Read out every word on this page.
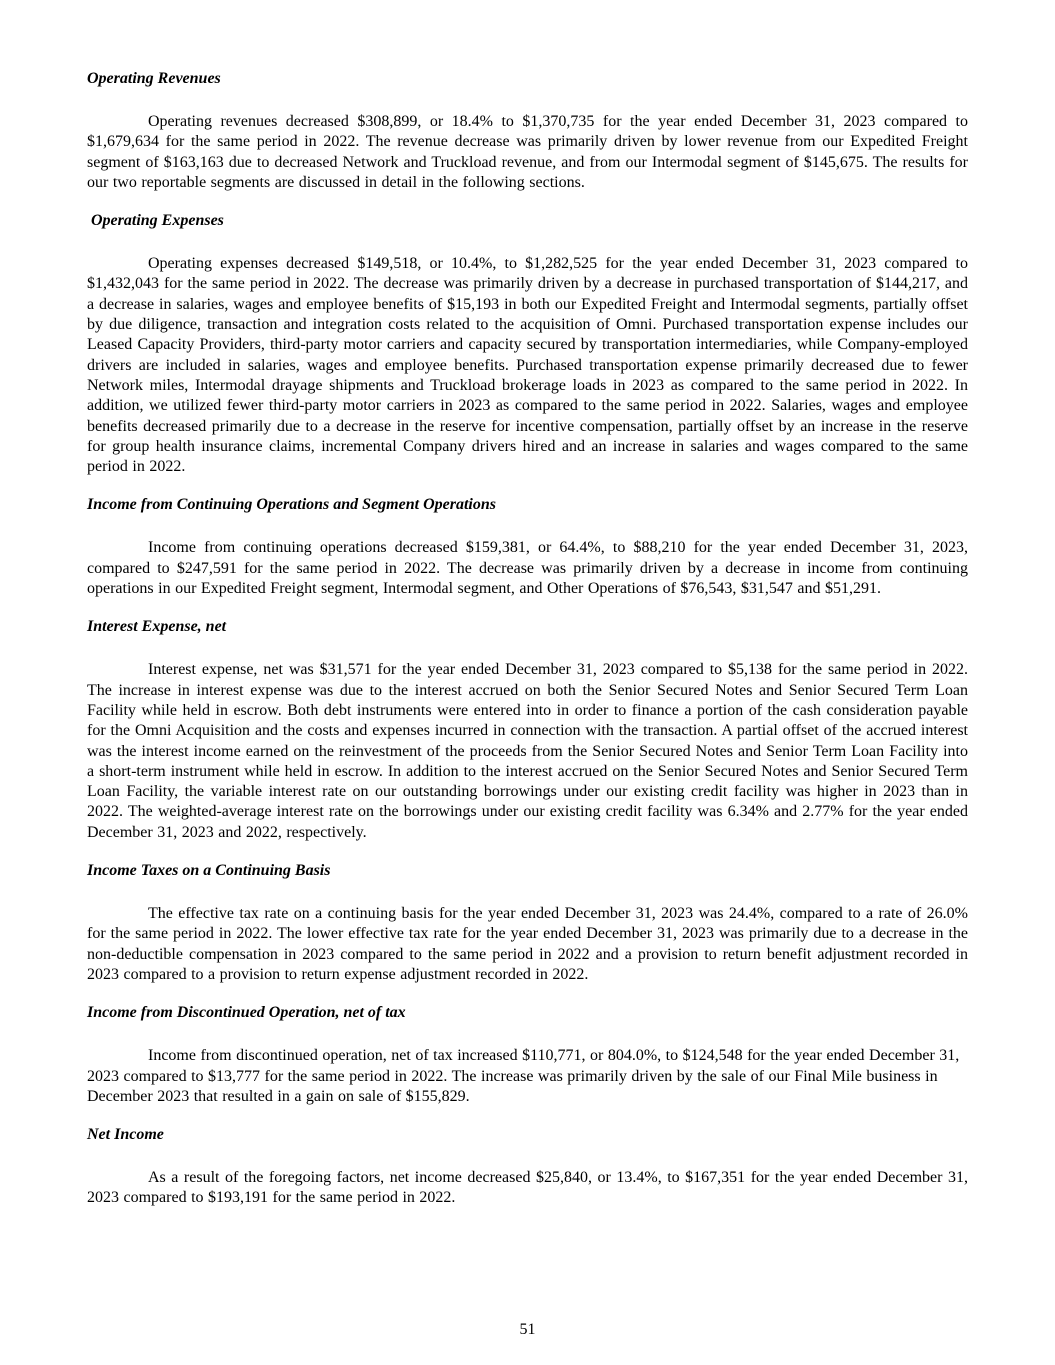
Operating Revenues

Operating revenues decreased $308,899, or 18.4% to $1,370,735 for the year ended December 31, 2023 compared to $1,679,634 for the same period in 2022. The revenue decrease was primarily driven by lower revenue from our Expedited Freight segment of $163,163 due to decreased Network and Truckload revenue, and from our Intermodal segment of $145,675. The results for our two reportable segments are discussed in detail in the following sections.

Operating Expenses

Operating expenses decreased $149,518, or 10.4%, to $1,282,525 for the year ended December 31, 2023 compared to $1,432,043 for the same period in 2022. The decrease was primarily driven by a decrease in purchased transportation of $144,217, and a decrease in salaries, wages and employee benefits of $15,193 in both our Expedited Freight and Intermodal segments, partially offset by due diligence, transaction and integration costs related to the acquisition of Omni. Purchased transportation expense includes our Leased Capacity Providers, third-party motor carriers and capacity secured by transportation intermediaries, while Company-employed drivers are included in salaries, wages and employee benefits. Purchased transportation expense primarily decreased due to fewer Network miles, Intermodal drayage shipments and Truckload brokerage loads in 2023 as compared to the same period in 2022. In addition, we utilized fewer third-party motor carriers in 2023 as compared to the same period in 2022. Salaries, wages and employee benefits decreased primarily due to a decrease in the reserve for incentive compensation, partially offset by an increase in the reserve for group health insurance claims, incremental Company drivers hired and an increase in salaries and wages compared to the same period in 2022.

Income from Continuing Operations and Segment Operations

Income from continuing operations decreased $159,381, or 64.4%, to $88,210 for the year ended December 31, 2023, compared to $247,591 for the same period in 2022. The decrease was primarily driven by a decrease in income from continuing operations in our Expedited Freight segment, Intermodal segment, and Other Operations of $76,543, $31,547 and $51,291.

Interest Expense, net

Interest expense, net was $31,571 for the year ended December 31, 2023 compared to $5,138 for the same period in 2022. The increase in interest expense was due to the interest accrued on both the Senior Secured Notes and Senior Secured Term Loan Facility while held in escrow. Both debt instruments were entered into in order to finance a portion of the cash consideration payable for the Omni Acquisition and the costs and expenses incurred in connection with the transaction. A partial offset of the accrued interest was the interest income earned on the reinvestment of the proceeds from the Senior Secured Notes and Senior Term Loan Facility into a short-term instrument while held in escrow. In addition to the interest accrued on the Senior Secured Notes and Senior Secured Term Loan Facility, the variable interest rate on our outstanding borrowings under our existing credit facility was higher in 2023 than in 2022. The weighted-average interest rate on the borrowings under our existing credit facility was 6.34% and 2.77% for the year ended December 31, 2023 and 2022, respectively.

Income Taxes on a Continuing Basis

The effective tax rate on a continuing basis for the year ended December 31, 2023 was 24.4%, compared to a rate of 26.0% for the same period in 2022. The lower effective tax rate for the year ended December 31, 2023 was primarily due to a decrease in the non-deductible compensation in 2023 compared to the same period in 2022 and a provision to return benefit adjustment recorded in 2023 compared to a provision to return expense adjustment recorded in 2022.

Income from Discontinued Operation, net of tax

Income from discontinued operation, net of tax increased $110,771, or 804.0%, to $124,548 for the year ended December 31, 2023 compared to $13,777 for the same period in 2022. The increase was primarily driven by the sale of our Final Mile business in December 2023 that resulted in a gain on sale of $155,829.

Net Income

As a result of the foregoing factors, net income decreased $25,840, or 13.4%, to $167,351 for the year ended December 31, 2023 compared to $193,191 for the same period in 2022.

51
